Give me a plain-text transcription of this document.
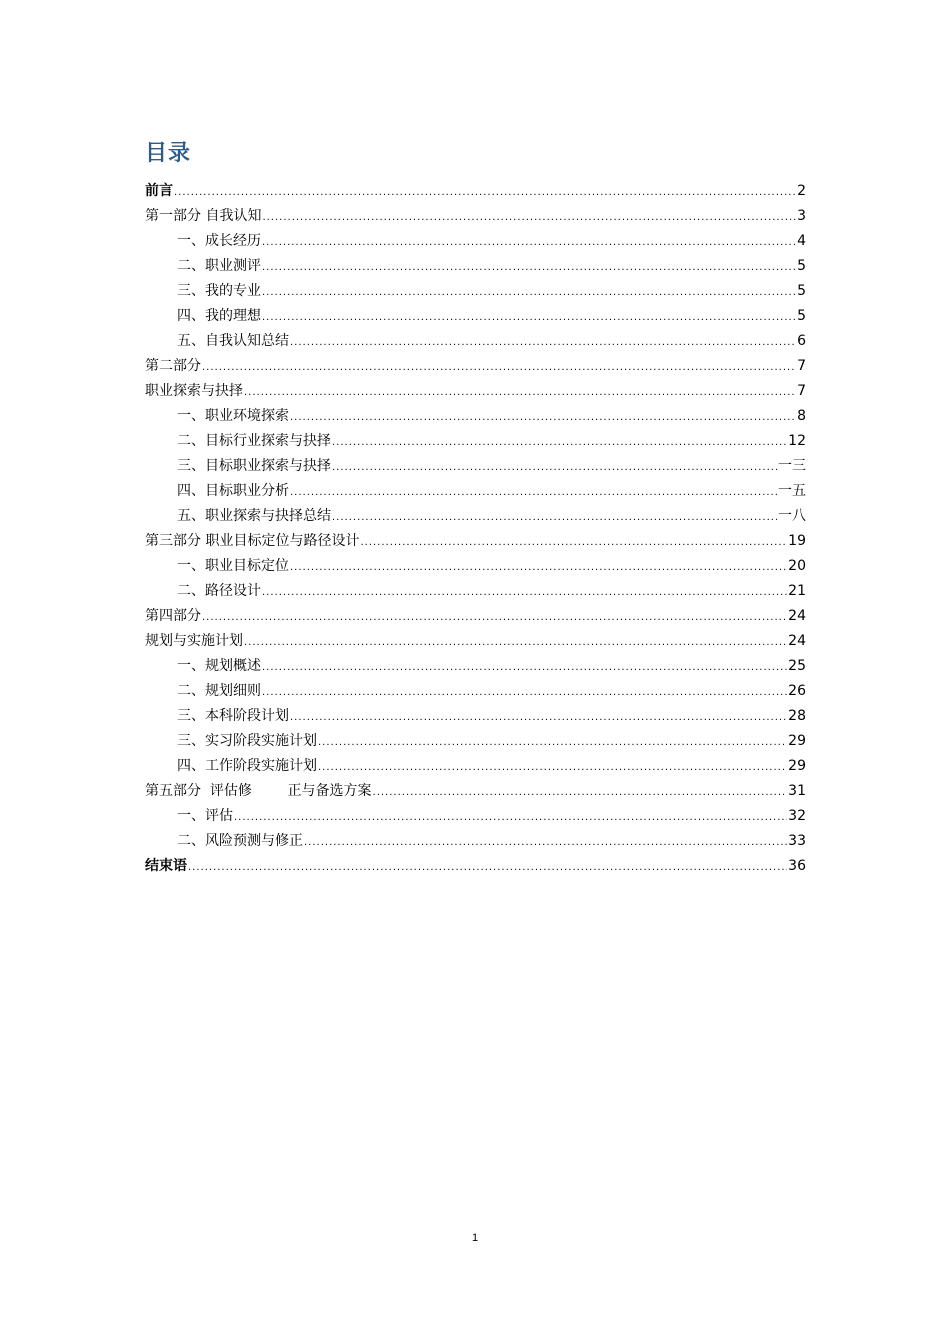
目录
前言 .....	2
第一部分 自我认知 .....	3
一、成长经历 .....	4
二、职业测评 .....	5
三、我的专业 .....	5
四、我的理想 .....	5
五、自我认知总结 .....	6
第二部分 .....	7
职业探索与抉择 .....	7
一、职业环境探索 .....	8
二、目标行业探索与抉择 .....	12
三、目标职业探索与抉择 .....	一三
四、目标职业分析 .....	一五
五、职业探索与抉择总结 .....	一八
第三部分 职业目标定位与路径设计 .....	19
一、职业目标定位 .....	20
二、路径设计 .....	21
第四部分 .....	24
规划与实施计划 .....	24
一、规划概述 .....	25
二、规划细则 .....	26
三、本科阶段计划 .....	28
三、实习阶段实施计划 .....	29
四、工作阶段实施计划 .....	29
第五部分  评估修        正与备选方案 .....	31
一、评估 .....	32
二、风险预测与修正 .....	33
结束语 .....	36
1
